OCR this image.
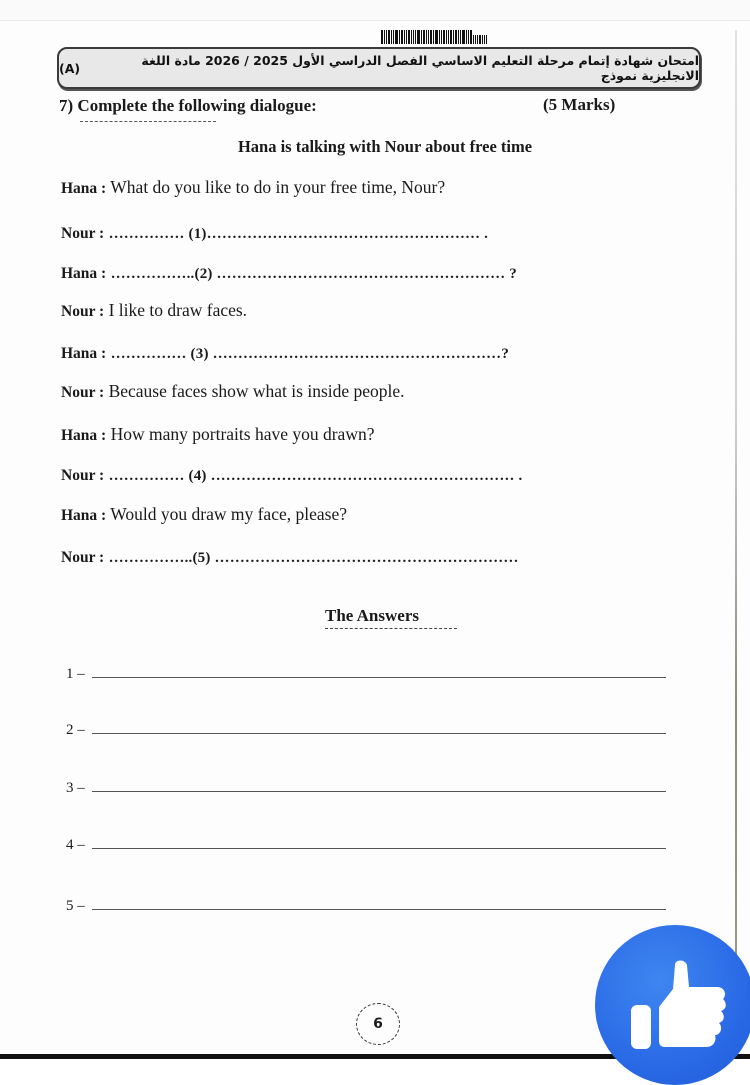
امتحان شهادة إتمام مرحلة التعليم الاساسي الفصل الدراسي الأول 2025 / 2026 مادة اللغة الانجليزية نموذج
(A)
7) Complete the following dialogue:	(5 Marks)
Hana is talking with Nour about free time
Hana : What do you like to do in your free time, Nour?
Nour : …………… (1)……………………………………………… .
Hana : ……………..(2) ………………………………………………… ?
Nour : I like to draw faces.
Hana : …………… (3) …………………………………………………?
Nour : Because faces show what is inside people.
Hana : How many portraits have you drawn?
Nour : …………… (4) …………………………………………………… .
Hana : Would you draw my face, please?
Nour : ……………..(5) ……………………………………………………
The Answers
1 –
2 –
3 –
4 –
5 –
6
